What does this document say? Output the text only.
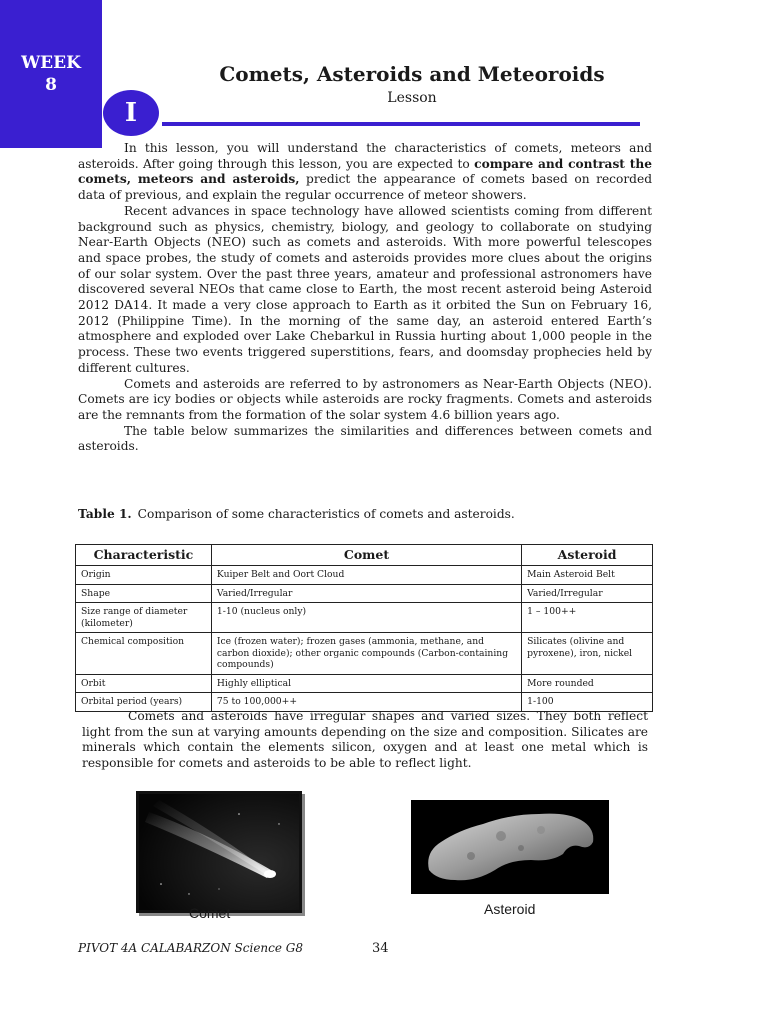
WEEK
8	Comets, Asteroids and Meteoroids
Lesson
I

In this lesson, you will understand the characteristics of comets, meteors and asteroids. After going through this lesson, you are expected to compare and contrast the comets, meteors and asteroids, predict the appearance of comets based on recorded data of previous, and explain the regular occurrence of meteor showers.

Recent advances in space technology have allowed scientists coming from different background such as physics, chemistry, biology, and geology to collaborate on studying Near-Earth Objects (NEO) such as comets and asteroids. With more powerful telescopes and space probes, the study of comets and asteroids provides more clues about the origins of our solar system. Over the past three years, amateur and professional astronomers have discovered several NEOs that came close to Earth, the most recent asteroid being Asteroid 2012 DA14. It made a very close approach to Earth as it orbited the Sun on February 16, 2012 (Philippine Time). In the morning of the same day, an asteroid entered Earth’s atmosphere and exploded over Lake Chebarkul in Russia hurting about 1,000 people in the process. These two events triggered superstitions, fears, and doomsday prophecies held by different cultures.

Comets and asteroids are referred to by astronomers as Near-Earth Objects (NEO). Comets are icy bodies or objects while asteroids are rocky fragments. Comets and asteroids are the remnants from the formation of the solar system 4.6 billion years ago.

The table below summarizes the similarities and differences between comets and asteroids.

Table 1. Comparison of some characteristics of comets and asteroids.
Characteristic	Comet	Asteroid
Origin	Kuiper Belt and Oort Cloud	Main Asteroid Belt
Shape	Varied/Irregular	Varied/Irregular
Size range of diameter (kilometer)	1-10 (nucleus only)	1 – 100++
Chemical composition	Ice (frozen water); frozen gases (ammonia, methane, and carbon dioxide); other organic compounds (Carbon-containing compounds)	Silicates (olivine and pyroxene), iron, nickel
Orbit	Highly elliptical	More rounded
Orbital period (years)	75 to 100,000++	1-100

Comets and asteroids have irregular shapes and varied sizes. They both reflect light from the sun at varying amounts depending on the size and composition. Silicates are minerals which contain the elements silicon, oxygen and at least one metal which is responsible for comets and asteroids to be able to reflect light.

Comet	Asteroid
PIVOT 4A CALABARZON Science G8	34
